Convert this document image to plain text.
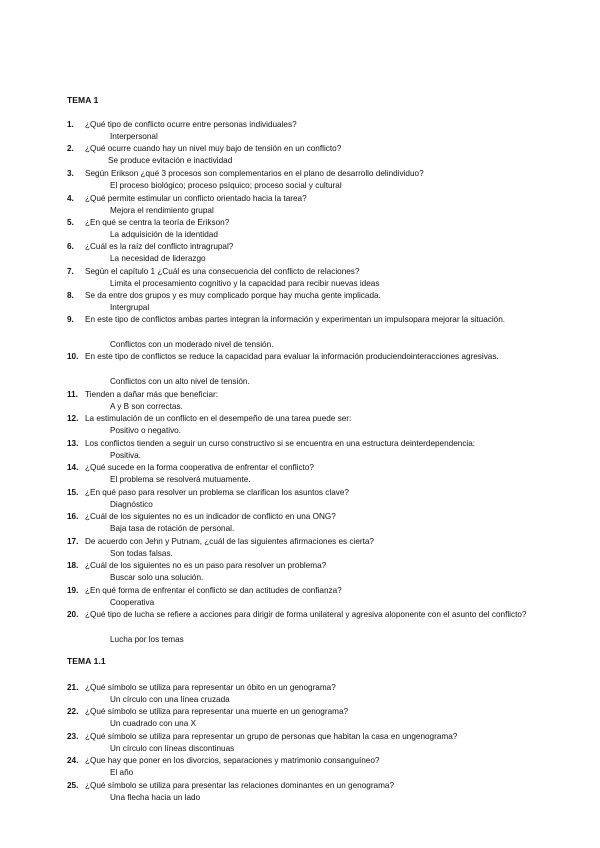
TEMA 1
1. ¿Qué tipo de conflicto ocurre entre personas individuales?
Interpersonal
2. ¿Qué ocurre cuando hay un nivel muy bajo de tensión en un conflicto?
Se produce evitación e inactividad
3. Según Erikson ¿qué 3 procesos son complementarios en el plano de desarrollo delindividuo?
El proceso biológico; proceso psíquico; proceso social y cultural
4. ¿Qué permite estimular un conflicto orientado hacia la tarea?
Mejora el rendimiento grupal
5. ¿En qué se centra la teoría de Erikson?
La adquisición de la identidad
6. ¿Cuál es la raíz del conflicto intragrupal?
La necesidad de liderazgo
7. Según el capítulo 1 ¿Cuál es una consecuencia del conflicto de relaciones?
Limita el procesamiento cognitivo y la capacidad para recibir nuevas ideas
8. Se da entre dos grupos y es muy complicado porque hay mucha gente implicada.
Intergrupal
9. En este tipo de conflictos ambas partes integran la información y experimentan un impulsopara mejorar la situación.
Conflictos con un moderado nivel de tensión.
10. En este tipo de conflictos se reduce la capacidad para evaluar la información produciendointeracciones agresivas.
Conflictos con un alto nivel de tensión.
11. Tienden a dañar más que beneficiar:
A y B son correctas.
12. La estimulación de un conflicto en el desempeño de una tarea puede ser:
Positivo o negativo.
13. Los conflictos tienden a seguir un curso constructivo si se encuentra en una estructura deinterdependencia:
Positiva.
14. ¿Qué sucede en la forma cooperativa de enfrentar el conflicto?
El problema se resolverá mutuamente.
15. ¿En qué paso para resolver un problema se clarifican los asuntos clave?
Diagnóstico
16. ¿Cuál de los siguientes no es un indicador de conflicto en una ONG?
Baja tasa de rotación de personal.
17. De acuerdo con Jehn y Putnam, ¿cuál de las siguientes afirmaciones es cierta?
Son todas falsas.
18. ¿Cuál de los siguientes no es un paso para resolver un problema?
Buscar solo una solución.
19. ¿En qué forma de enfrentar el conflicto se dan actitudes de confianza?
Cooperativa
20. ¿Qué tipo de lucha se refiere a acciones para dirigir de forma unilateral y agresiva aloponente con el asunto del conflicto?
Lucha por los temas
TEMA 1.1
21. ¿Qué símbolo se utiliza para representar un óbito en un genograma?
Un círculo con una línea cruzada
22. ¿Qué símbolo se utiliza para representar una muerte en un genograma?
Un cuadrado con una X
23. ¿Qué símbolo se utiliza para representar un grupo de personas que habitan la casa en ungenograma?
Un círculo con líneas discontinuas
24. ¿Que hay que poner en los divorcios, separaciones y matrimonio consanguíneo?
El año
25. ¿Qué símbolo se utiliza para presentar las relaciones dominantes en un genograma?
Una flecha hacia un lado
